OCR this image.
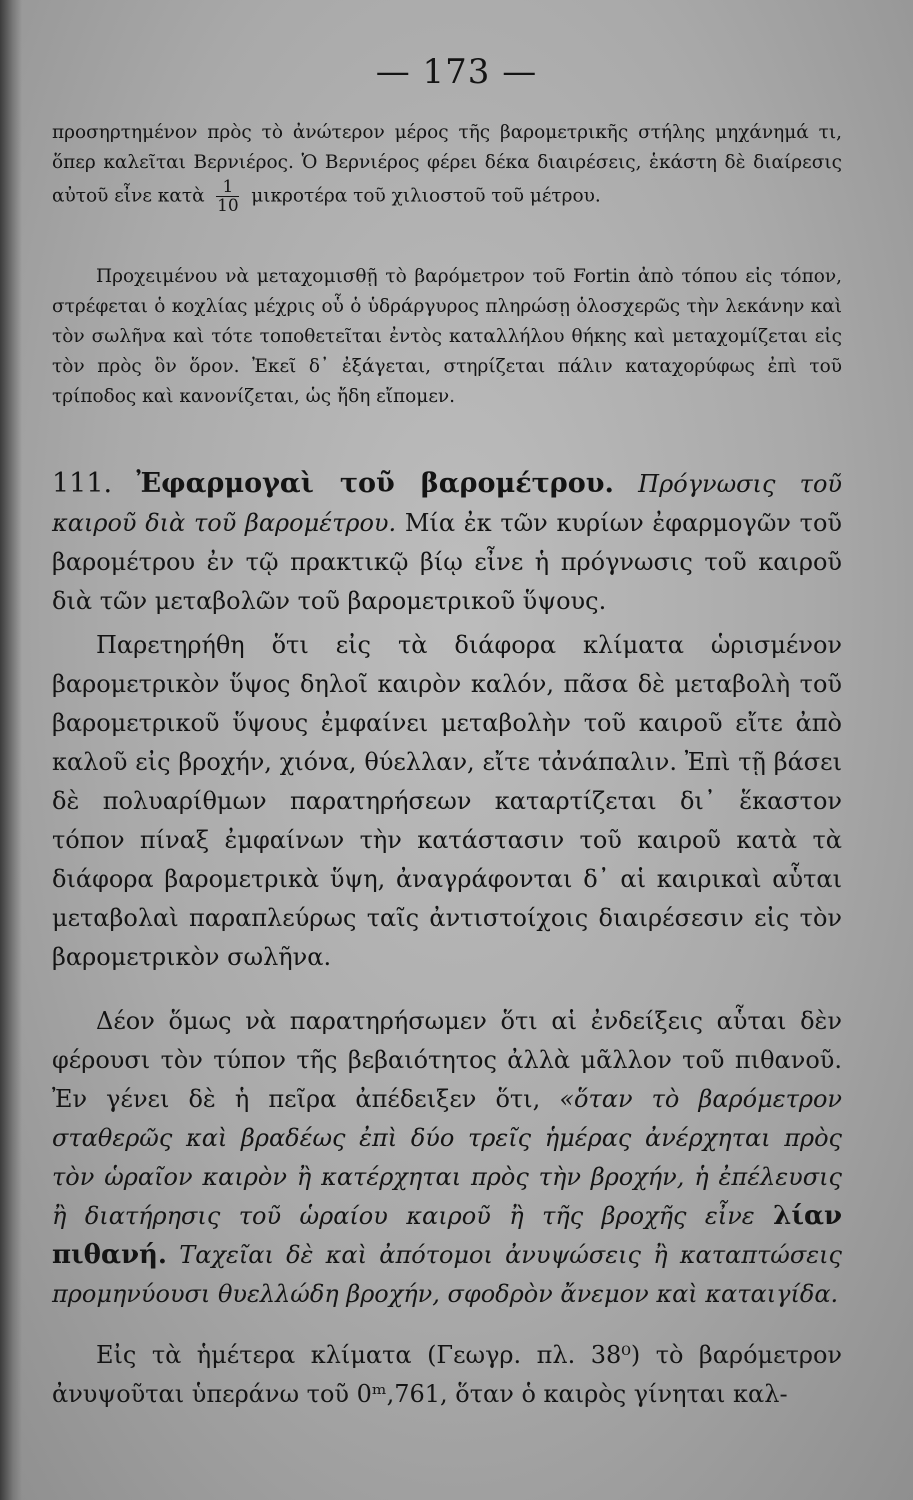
— 173 —

προσηρτημένον πρὸς τὸ ἀνώτερον μέρος τῆς βαρομετρικῆς στήλης μηχάνημά τι, ὅπερ καλεῖται Βερνιέρος. Ὁ Βερνιέρος φέρει δέκα διαιρέσεις, ἑκάστη δὲ διαίρεσις αὐτοῦ εἶνε κατὰ $\frac{1}{10}$ μικροτέρα τοῦ χιλιοστοῦ τοῦ μέτρου.

Προχειμένου νὰ μεταχομισθῇ τὸ βαρόμετρον τοῦ Fortin ἀπὸ τόπου εἰς τόπον, στρέφεται ὁ κοχλίας μέχρις οὗ ὁ ὑδράργυρος πληρώσῃ ὁλοσχερῶς τὴν λεκάνην καὶ τὸν σωλῆνα καὶ τότε τοποθετεῖται ἐντὸς καταλλήλου θήκης καὶ μεταχομίζεται εἰς τὸν πρὸς ὃν ὅρον. Ἐκεῖ δ᾽ ἐξάγεται, στηρίζεται πάλιν καταχορύφως ἐπὶ τοῦ τρίποδος καὶ κανονίζεται, ὡς ἤδη εἴπομεν.

111. Ἐφαρμογαὶ τοῦ βαρομέτρου. Πρόγνωσις τοῦ καιροῦ διὰ τοῦ βαρομέτρου. Μία ἐκ τῶν κυρίων ἐφαρμογῶν τοῦ βαρομέτρου ἐν τῷ πρακτικῷ βίῳ εἶνε ἡ πρόγνωσις τοῦ καιροῦ διὰ τῶν μεταβολῶν τοῦ βαρομετρικοῦ ὕψους.

Παρετηρήθη ὅτι εἰς τὰ διάφορα κλίματα ὡρισμένον βαρομετρικὸν ὕψος δηλοῖ καιρὸν καλόν, πᾶσα δὲ μεταβολὴ τοῦ βαρομετρικοῦ ὕψους ἐμφαίνει μεταβολὴν τοῦ καιροῦ εἴτε ἀπὸ καλοῦ εἰς βροχήν, χιόνα, θύελλαν, εἴτε τἀνάπαλιν. Ἐπὶ τῇ βάσει δὲ πολυαρίθμων παρατηρήσεων καταρτίζεται δι᾽ ἕκαστον τόπον πίναξ ἐμφαίνων τὴν κατάστασιν τοῦ καιροῦ κατὰ τὰ διάφορα βαρομετρικὰ ὕψη, ἀναγράφονται δ᾽ αἱ καιρικαὶ αὗται μεταβολαὶ παραπλεύρως ταῖς ἀντιστοίχοις διαιρέσεσιν εἰς τὸν βαρομετρικὸν σωλῆνα.

Δέον ὅμως νὰ παρατηρήσωμεν ὅτι αἱ ἐνδείξεις αὗται δὲν φέρουσι τὸν τύπον τῆς βεβαιότητος ἀλλὰ μᾶλλον τοῦ πιθανοῦ. Ἐν γένει δὲ ἡ πεῖρα ἀπέδειξεν ὅτι, «ὅταν τὸ βαρόμετρον σταθερῶς καὶ βραδέως ἐπὶ δύο τρεῖς ἡμέρας ἀνέρχηται πρὸς τὸν ὡραῖον καιρὸν ἢ κατέρχηται πρὸς τὴν βροχήν, ἡ ἐπέλευσις ἢ διατήρησις τοῦ ὡραίου καιροῦ ἢ τῆς βροχῆς εἶνε λίαν πιθανή. Ταχεῖαι δὲ καὶ ἀπότομοι ἀνυψώσεις ἢ καταπτώσεις προμηνύουσι θυελλώδη βροχήν, σφοδρὸν ἄνεμον καὶ καταιγίδα.

Εἰς τὰ ἡμέτερα κλίματα (Γεωγρ. πλ. 38⁰) τὸ βαρόμετρον ἀνυψοῦται ὑπεράνω τοῦ 0ᵐ,761, ὅταν ὁ καιρὸς γίνηται καλ-
